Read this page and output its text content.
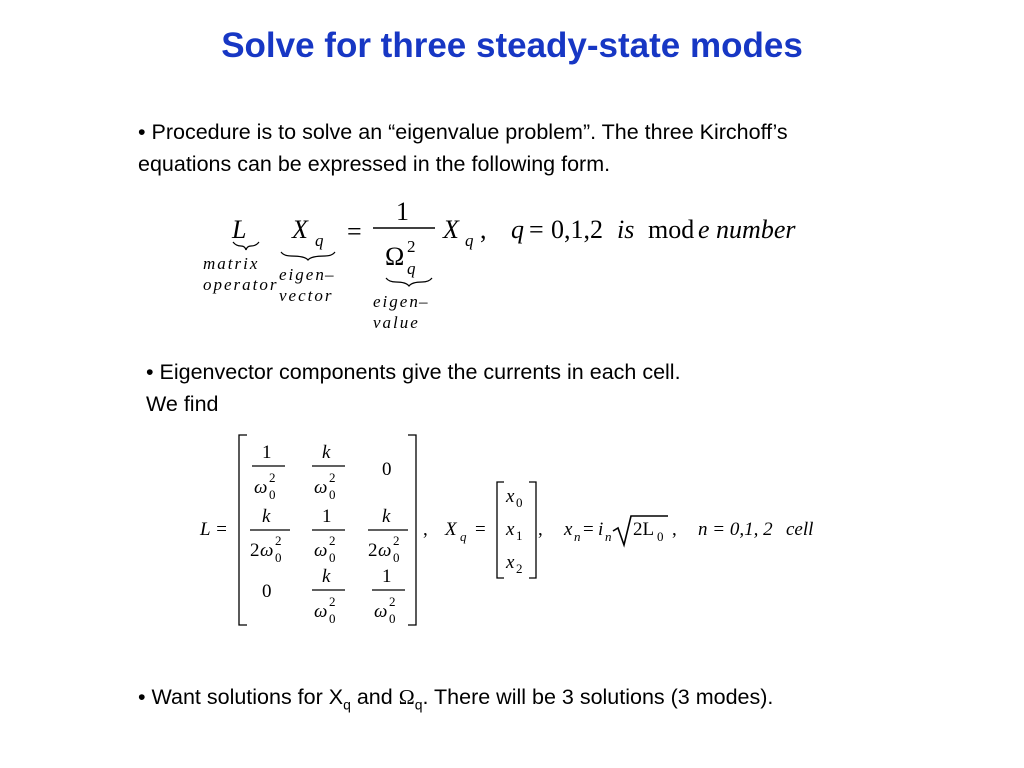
Solve for three steady-state modes
• Procedure is to solve an “eigenvalue problem”. The three Kirchoff’s
equations can be expressed in the following form.
L X q =
1
Ω 2
q
X q , q = 0,1,2 is mod e number
matrix
operator
eigen –
vector eigen –
value
• Eigenvector components give the currents in each cell.
We find
L =
1
ω 2
0
k
ω 2
0
0
k
2 ω 2
0
1
ω 2
0
k
2 ω 2
0
0
k
ω 2
0
1
ω 2
0
, X q =
x 0
x 1
x 2
, x n = i n 2L 0 , n = 0,1, 2 cell
• Want solutions for $X_q$ and $\Omega_q$. There will be 3 solutions (3 modes).
